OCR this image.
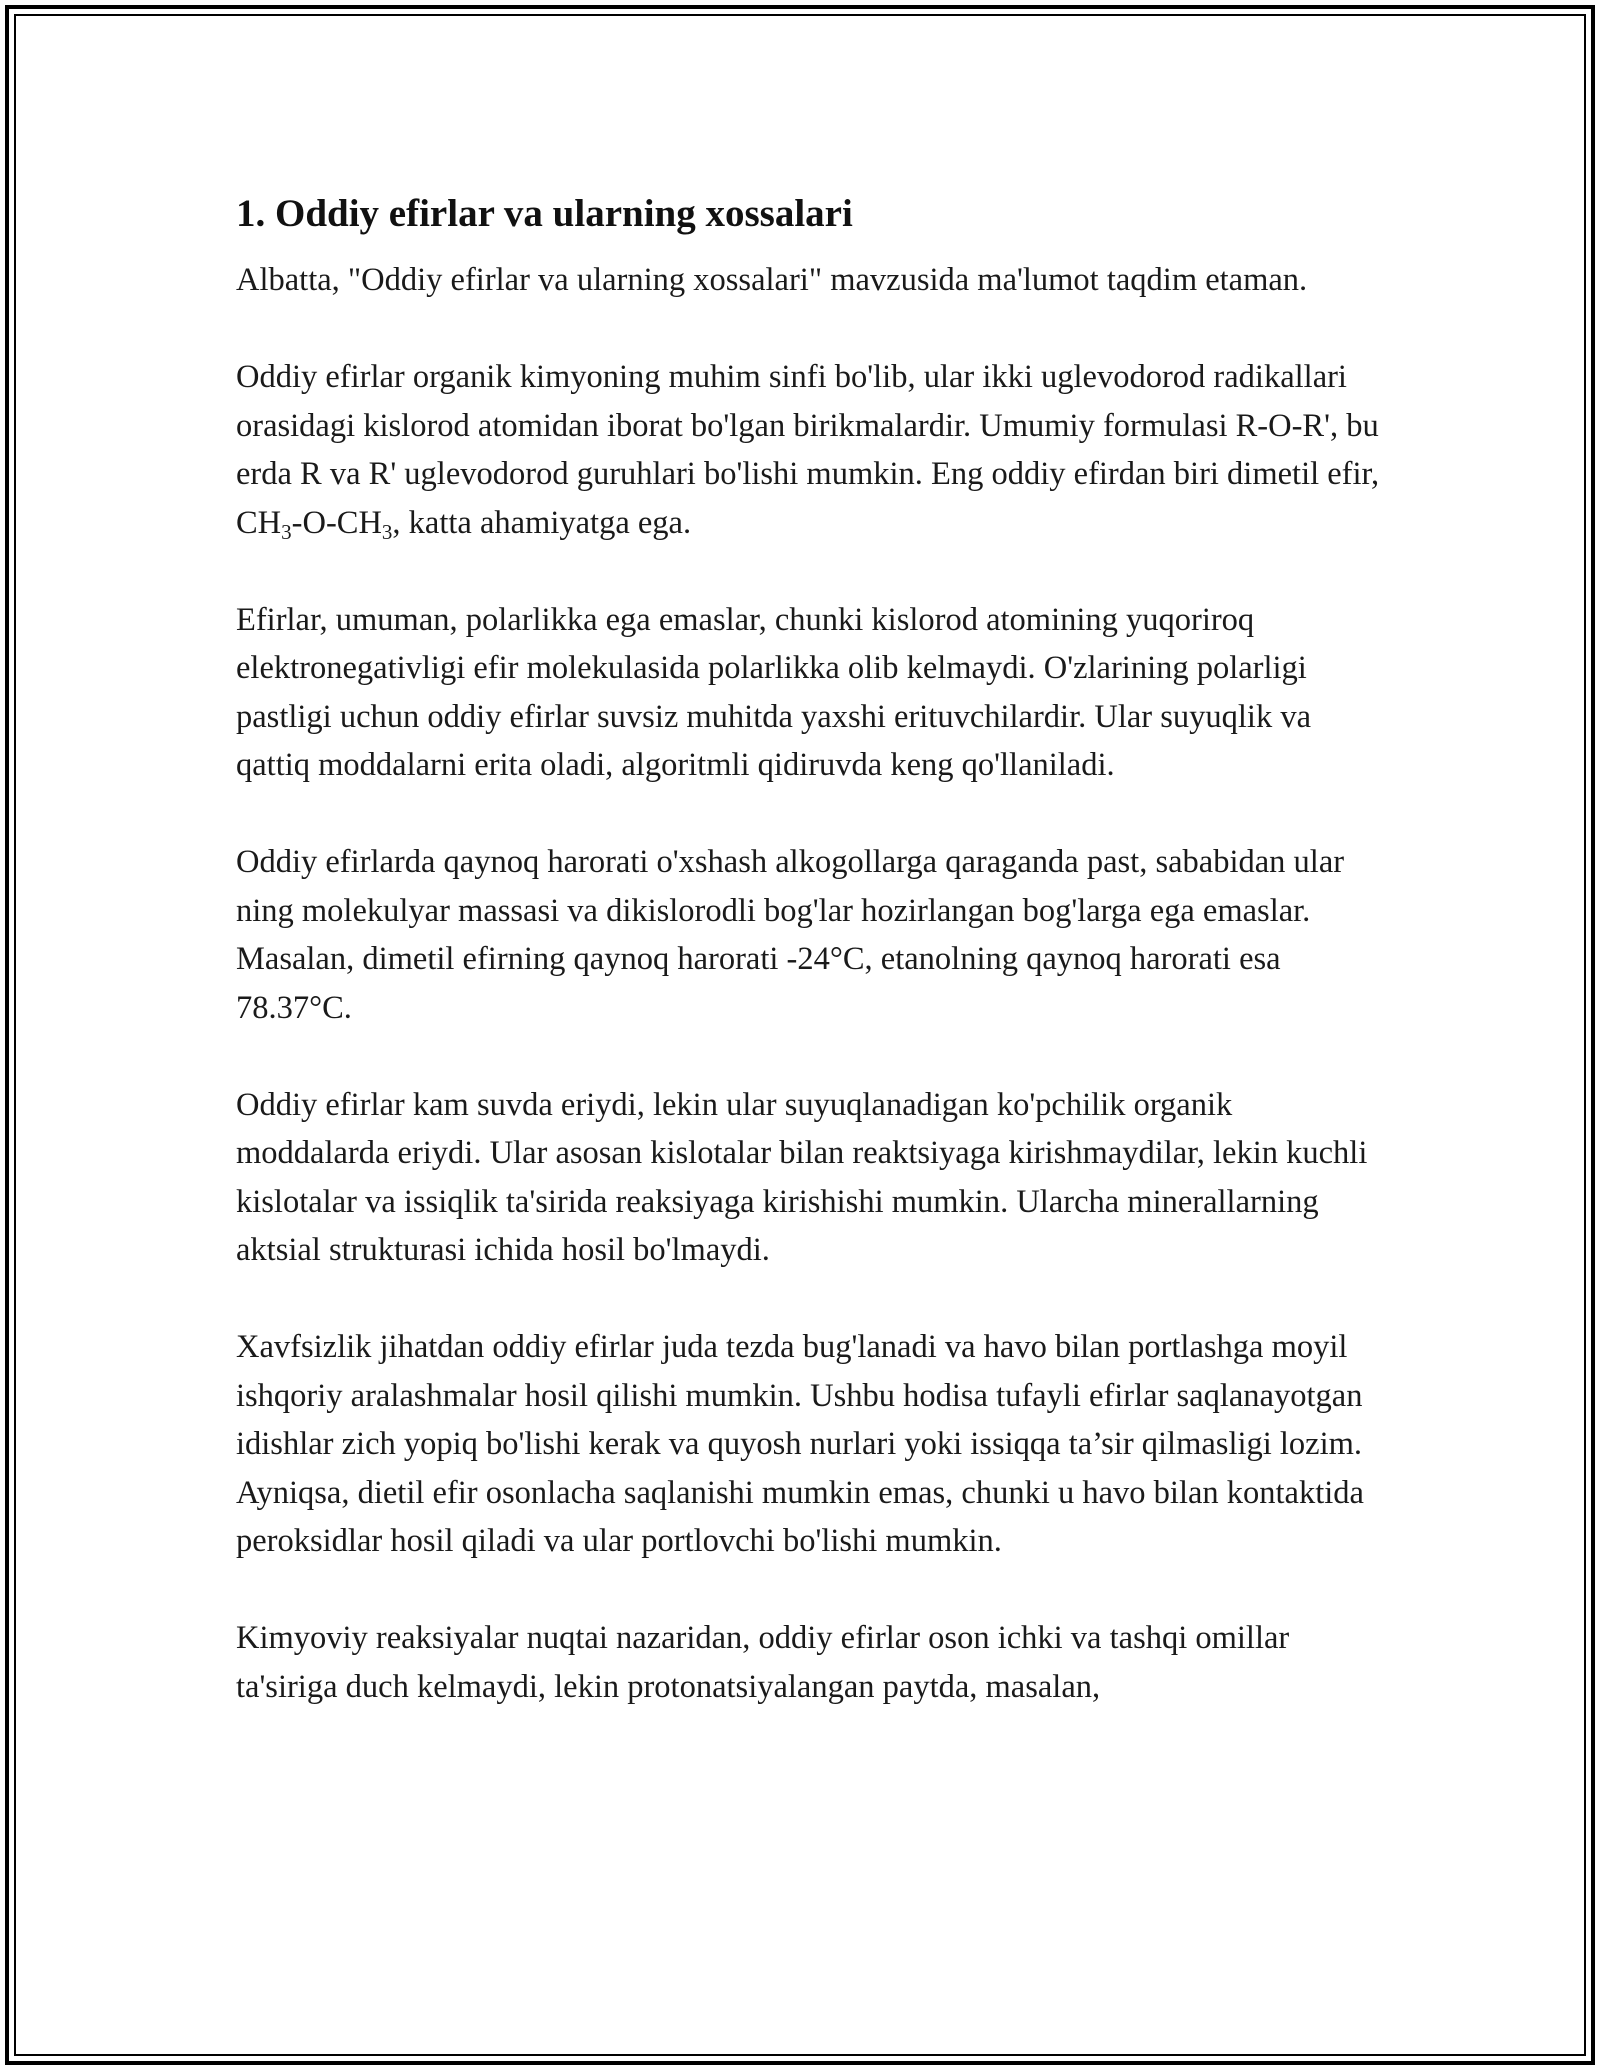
1. Oddiy efirlar va ularning xossalari

Albatta, "Oddiy efirlar va ularning xossalari" mavzusida ma'lumot taqdim etaman.

Oddiy efirlar organik kimyoning muhim sinfi bo'lib, ular ikki uglevodorod radikallari orasidagi kislorod atomidan iborat bo'lgan birikmalardir. Umumiy formulasi R-O-R', bu erda R va R' uglevodorod guruhlari bo'lishi mumkin. Eng oddiy efirdan biri dimetil efir, $CH_3-O-CH_3$, katta ahamiyatga ega.

Efirlar, umuman, polarlikka ega emaslar, chunki kislorod atomining yuqoriroq elektronegativligi efir molekulasida polarlikka olib kelmaydi. O'zlarining polarligi pastligi uchun oddiy efirlar suvsiz muhitda yaxshi erituvchilardir. Ular suyuqlik va qattiq moddalarni erita oladi, algoritmli qidiruvda keng qo'llaniladi.

Oddiy efirlarda qaynoq harorati o'xshash alkogollarga qaraganda past, sababidan ular ning molekulyar massasi va dikislorodli bog'lar hozirlangan bog'larga ega emaslar. Masalan, dimetil efirning qaynoq harorati -24°C, etanolning qaynoq harorati esa 78.37°C.

Oddiy efirlar kam suvda eriydi, lekin ular suyuqlanadigan ko'pchilik organik moddalarda eriydi. Ular asosan kislotalar bilan reaktsiyaga kirishmaydilar, lekin kuchli kislotalar va issiqlik ta'sirida reaksiyaga kirishishi mumkin. Ularcha minerallarning aktsial strukturasi ichida hosil bo'lmaydi.

Xavfsizlik jihatdan oddiy efirlar juda tezda bug'lanadi va havo bilan portlashga moyil ishqoriy aralashmalar hosil qilishi mumkin. Ushbu hodisa tufayli efirlar saqlanayotgan idishlar zich yopiq bo'lishi kerak va quyosh nurlari yoki issiqqa ta’sir qilmasligi lozim. Ayniqsa, dietil efir osonlacha saqlanishi mumkin emas, chunki u havo bilan kontaktida peroksidlar hosil qiladi va ular portlovchi bo'lishi mumkin.

Kimyoviy reaksiyalar nuqtai nazaridan, oddiy efirlar oson ichki va tashqi omillar ta'siriga duch kelmaydi, lekin protonatsiyalangan paytda, masalan,
